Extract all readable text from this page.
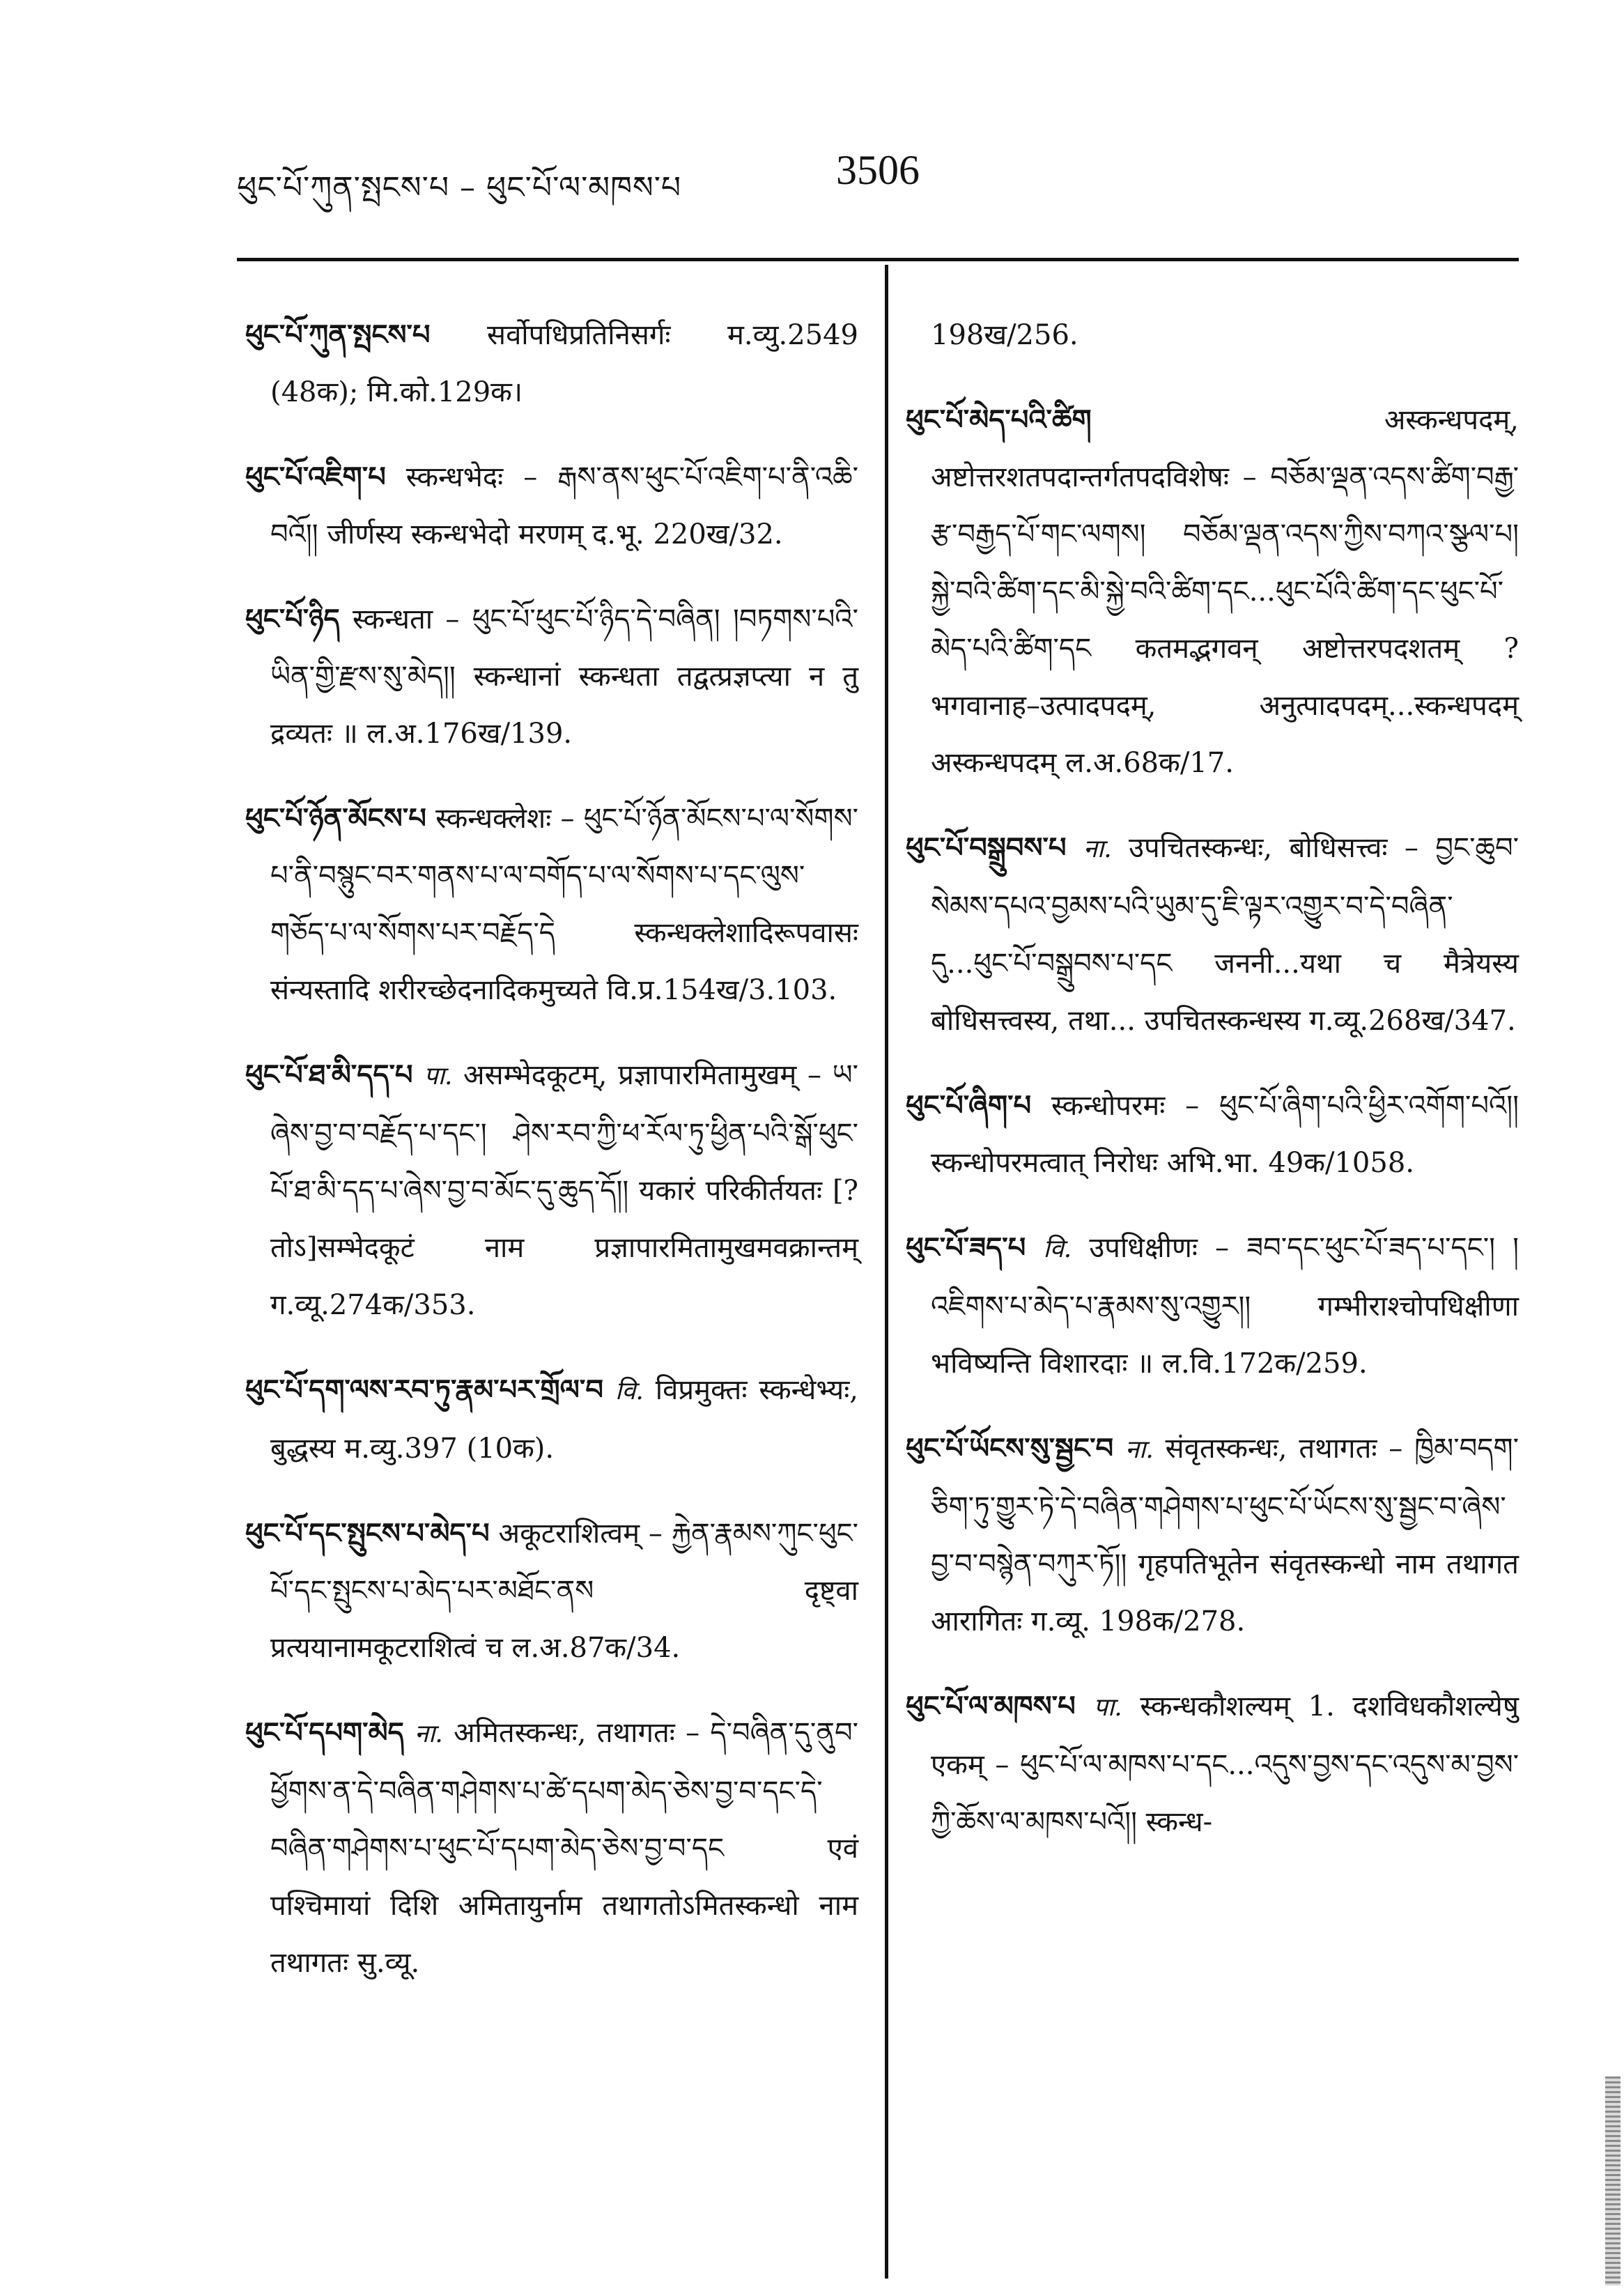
ཕུང་པོ་ཀུན་སྤངས་པ – ཕུང་པོ་ལ་མཁས་པ	3506

ཕུང་པོ་ཀུན་སྤངས་པ सर्वोपधिप्रतिनिसर्गः म.व्यु.2549 (48क); मि.को.129क।

ཕུང་པོ་འཇིག་པ स्कन्धभेदः – རྒས་ནས་ཕུང་པོ་འཇིག་པ་ནི་འཆི་བའོ།། जीर्णस्य स्कन्धभेदो मरणम् द.भू. 220ख/32.

ཕུང་པོ་ཉིད स्कन्धता – ཕུང་པོ་ཕུང་པོ་ཉིད་དེ་བཞིན། །བཏགས་པའི་ཡིན་གྱི་རྫས་སུ་མེད།། स्कन्धानां स्कन्धता तद्वत्प्रज्ञप्त्या न तु द्रव्यतः ॥ ल.अ.176ख/139.

ཕུང་པོ་ཉོན་མོངས་པ स्कन्धक्लेशः – ཕུང་པོ་ཉོན་མོངས་པ་ལ་སོགས་པ་ནི་བསྙུང་བར་གནས་པ་ལ་བགོད་པ་ལ་སོགས་པ་དང་ལུས་གཅོད་པ་ལ་སོགས་པར་བརྗོད་དེ स्कन्धक्लेशादिरूपवासः संन्यस्तादि शरीरच्छेदनादिकमुच्यते वि.प्र.154ख/3.103.

ཕུང་པོ་ཐ་མི་དད་པ पा. असम्भेदकूटम्, प्रज्ञापारमितामुखम् – ཡ་ཞེས་བྱ་བ་བརྗོད་པ་དང་། ཤེས་རབ་ཀྱི་ཕ་རོལ་ཏུ་ཕྱིན་པའི་སྒོ་ཕུང་པོ་ཐ་མི་དད་པ་ཞེས་བྱ་བ་མོང་དུ་ཆུད་དོ།། यकारं परिकीर्तयतः [?तोऽ]सम्भेदकूटं नाम प्रज्ञापारमितामुखमवक्रान्तम् ग.व्यू.274क/353.

ཕུང་པོ་དག་ལས་རབ་ཏུ་རྣམ་པར་གྲོལ་བ वि. विप्रमुक्तः स्कन्धेभ्यः, बुद्धस्य म.व्यु.397 (10क).

ཕུང་པོ་དང་སྤུངས་པ་མེད་པ अकूटराशित्वम् – རྐྱེན་རྣམས་ཀུང་ཕུང་པོ་དང་སྤུངས་པ་མེད་པར་མཐོང་ནས दृष्ट्वा प्रत्ययानामकूटराशित्वं च ल.अ.87क/34.

ཕུང་པོ་དཔག་མེད ना. अमितस्कन्धः, तथागतः – དེ་བཞིན་དུ་ནུབ་ཕྱོགས་ན་དེ་བཞིན་གཤེགས་པ་ཚེ་དཔག་མེད་ཅེས་བྱ་བ་དང་དེ་བཞིན་གཤེགས་པ་ཕུང་པོ་དཔག་མེད་ཅེས་བྱ་བ་དང एवं पश्चिमायां दिशि अमितायुर्नाम तथागतोऽमितस्कन्धो नाम तथागतः सु.व्यू.

198ख/256.

ཕུང་པོ་མེད་པའི་ཚིག	अस्कन्धपदम्, अष्टोत्तरशतपदान्तर्गतपदविशेषः – བཅོམ་ལྡན་འདས་ཚིག་བརྒྱ་རྩ་བརྒྱད་པོ་གང་ལགས། བཅོམ་ལྡན་འདས་ཀྱིས་བཀའ་སྩལ་པ། སྐྱེ་བའི་ཚིག་དང་མི་སྐྱེ་བའི་ཚིག་དང...ཕུང་པོའི་ཚིག་དང་ཕུང་པོ་མེད་པའི་ཚིག་དང कतमद्भगवन् अष्टोत्तरपदशतम् ? भगवानाह–उत्पादपदम्, अनुत्पादपदम्...स्कन्धपदम् अस्कन्धपदम् ल.अ.68क/17.

ཕུང་པོ་བསྒྲུབས་པ ना. उपचितस्कन्धः, बोधिसत्त्वः – བྱང་ཆུབ་སེམས་དཔའ་བྱམས་པའི་ཡུམ་དུ་ཇི་ལྟར་འགྱུར་བ་དེ་བཞིན་དུ...ཕུང་པོ་བསྒྲུབས་པ་དང जननी...यथा च मैत्रेयस्य बोधिसत्त्वस्य, तथा... उपचितस्कन्धस्य ग.व्यू.268ख/347.

ཕུང་པོ་ཞིག་པ स्कन्धोपरमः – ཕུང་པོ་ཞིག་པའི་ཕྱིར་འགོག་པའོ།། स्कन्धोपरमत्वात् निरोधः अभि.भा. 49क/1058.

ཕུང་པོ་ཟད་པ वि. उपधिक्षीणः – ཟབ་དང་ཕུང་པོ་ཟད་པ་དང་། །འཇིགས་པ་མེད་པ་རྣམས་སུ་འགྱུར།། गम्भीराश्चोपधिक्षीणा भविष्यन्ति विशारदाः ॥ ल.वि.172क/259.

ཕུང་པོ་ཡོངས་སུ་སྦྱང་བ ना. संवृतस्कन्धः, तथागतः – ཁྱིམ་བདག་ཅིག་ཏུ་གྱུར་ཏེ་དེ་བཞིན་གཤེགས་པ་ཕུང་པོ་ཡོངས་སུ་སྦྱང་བ་ཞེས་བྱ་བ་བསྙེན་བཀུར་ཏོ།། गृहपतिभूतेन संवृतस्कन्धो नाम तथागत आरागितः ग.व्यू. 198क/278.

ཕུང་པོ་ལ་མཁས་པ पा. स्कन्धकौशल्यम् 1. दशविधकौशल्येषु एकम् – ཕུང་པོ་ལ་མཁས་པ་དང...འདུས་བྱས་དང་འདུས་མ་བྱས་ཀྱི་ཆོས་ལ་མཁས་པའོ།། स्कन्ध-
